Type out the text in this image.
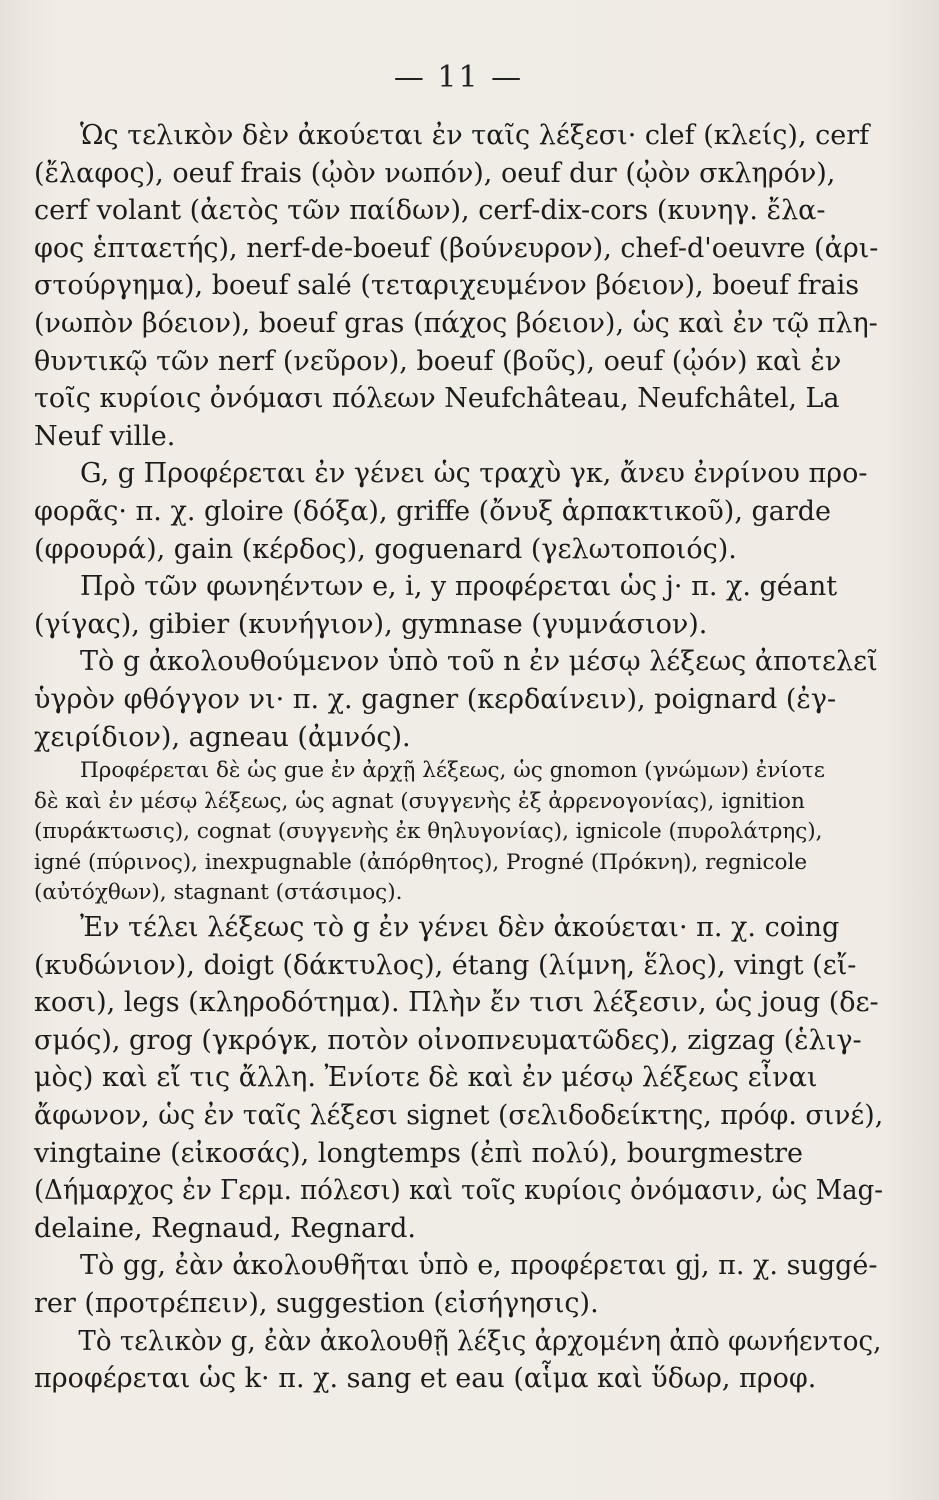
— 11 —
Ὡς τελικὸν δὲν ἀκούεται ἐν ταῖς λέξεσι· clef (κλείς), cerf
(ἔλαφος), oeuf frais (ᾠὸν νωπόν), oeuf dur (ᾠὸν σκληρόν),
cerf volant (ἀετὸς τῶν παίδων), cerf-dix-cors (κυνηγ. ἔλα-
φος ἑπταετής), nerf-de-boeuf (βούνευρον), chef-d'oeuvre (ἀρι-
στούργημα), boeuf salé (τεταριχευμένον βόειον), boeuf frais
(νωπὸν βόειον), boeuf gras (πάχος βόειον), ὡς καὶ ἐν τῷ πλη-
θυντικῷ τῶν nerf (νεῦρον), boeuf (βοῦς), oeuf (ᾠόν) καὶ ἐν
τοῖς κυρίοις ὀνόμασι πόλεων Neufchâteau, Neufchâtel, La
Neuf ville.
G, g Προφέρεται ἐν γένει ὡς τραχὺ γκ, ἄνευ ἐνρίνου προ-
φορᾶς· π. χ. gloire (δόξα), griffe (ὄνυξ ἁρπακτικοῦ), garde
(φρουρά), gain (κέρδος), goguenard (γελωτοποιός).
Πρὸ τῶν φωνηέντων e, i, y προφέρεται ὡς j· π. χ. géant
(γίγας), gibier (κυνήγιον), gymnase (γυμνάσιον).
Τὸ g ἀκολουθούμενον ὑπὸ τοῦ n ἐν μέσῳ λέξεως ἀποτελεῖ
ὑγρὸν φθόγγον νι· π. χ. gagner (κερδαίνειν), poignard (ἐγ-
χειρίδιον), agneau (ἀμνός).
Προφέρεται δὲ ὡς gue ἐν ἀρχῇ λέξεως, ὡς gnomon (γνώμων) ἐνίοτε
δὲ καὶ ἐν μέσῳ λέξεως, ὡς agnat (συγγενὴς ἐξ ἀρρενογονίας), ignition
(πυράκτωσις), cognat (συγγενὴς ἐκ θηλυγονίας), ignicole (πυρολάτρης),
igné (πύρινος), inexpugnable (ἀπόρθητος), Progné (Πρόκνη), regnicole
(αὐτόχθων), stagnant (στάσιμος).
Ἐν τέλει λέξεως τὸ g ἐν γένει δὲν ἀκούεται· π. χ. coing
(κυδώνιον), doigt (δάκτυλος), étang (λίμνη, ἕλος), vingt (εἴ-
κοσι), legs (κληροδότημα). Πλὴν ἔν τισι λέξεσιν, ὡς joug (δε-
σμός), grog (γκρόγκ, ποτὸν οἰνοπνευματῶδες), zigzag (ἑλιγ-
μὸς) καὶ εἴ τις ἄλλη. Ἐνίοτε δὲ καὶ ἐν μέσῳ λέξεως εἶναι
ἄφωνον, ὡς ἐν ταῖς λέξεσι signet (σελιδοδείκτης, πρόφ. σινέ),
vingtaine (εἰκοσάς), longtemps (ἐπὶ πολύ), bourgmestre
(Δήμαρχος ἐν Γερμ. πόλεσι) καὶ τοῖς κυρίοις ὀνόμασιν, ὡς Mag-
delaine, Regnaud, Regnard.
Τὸ gg, ἐὰν ἀκολουθῆται ὑπὸ e, προφέρεται gj, π. χ. suggé-
rer (προτρέπειν), suggestion (εἰσήγησις).
Τὸ τελικὸν g, ἐὰν ἀκολουθῇ λέξις ἀρχομένη ἀπὸ φωνήεντος,
προφέρεται ὡς k· π. χ. sang et eau (αἷμα καὶ ὕδωρ, προφ.
